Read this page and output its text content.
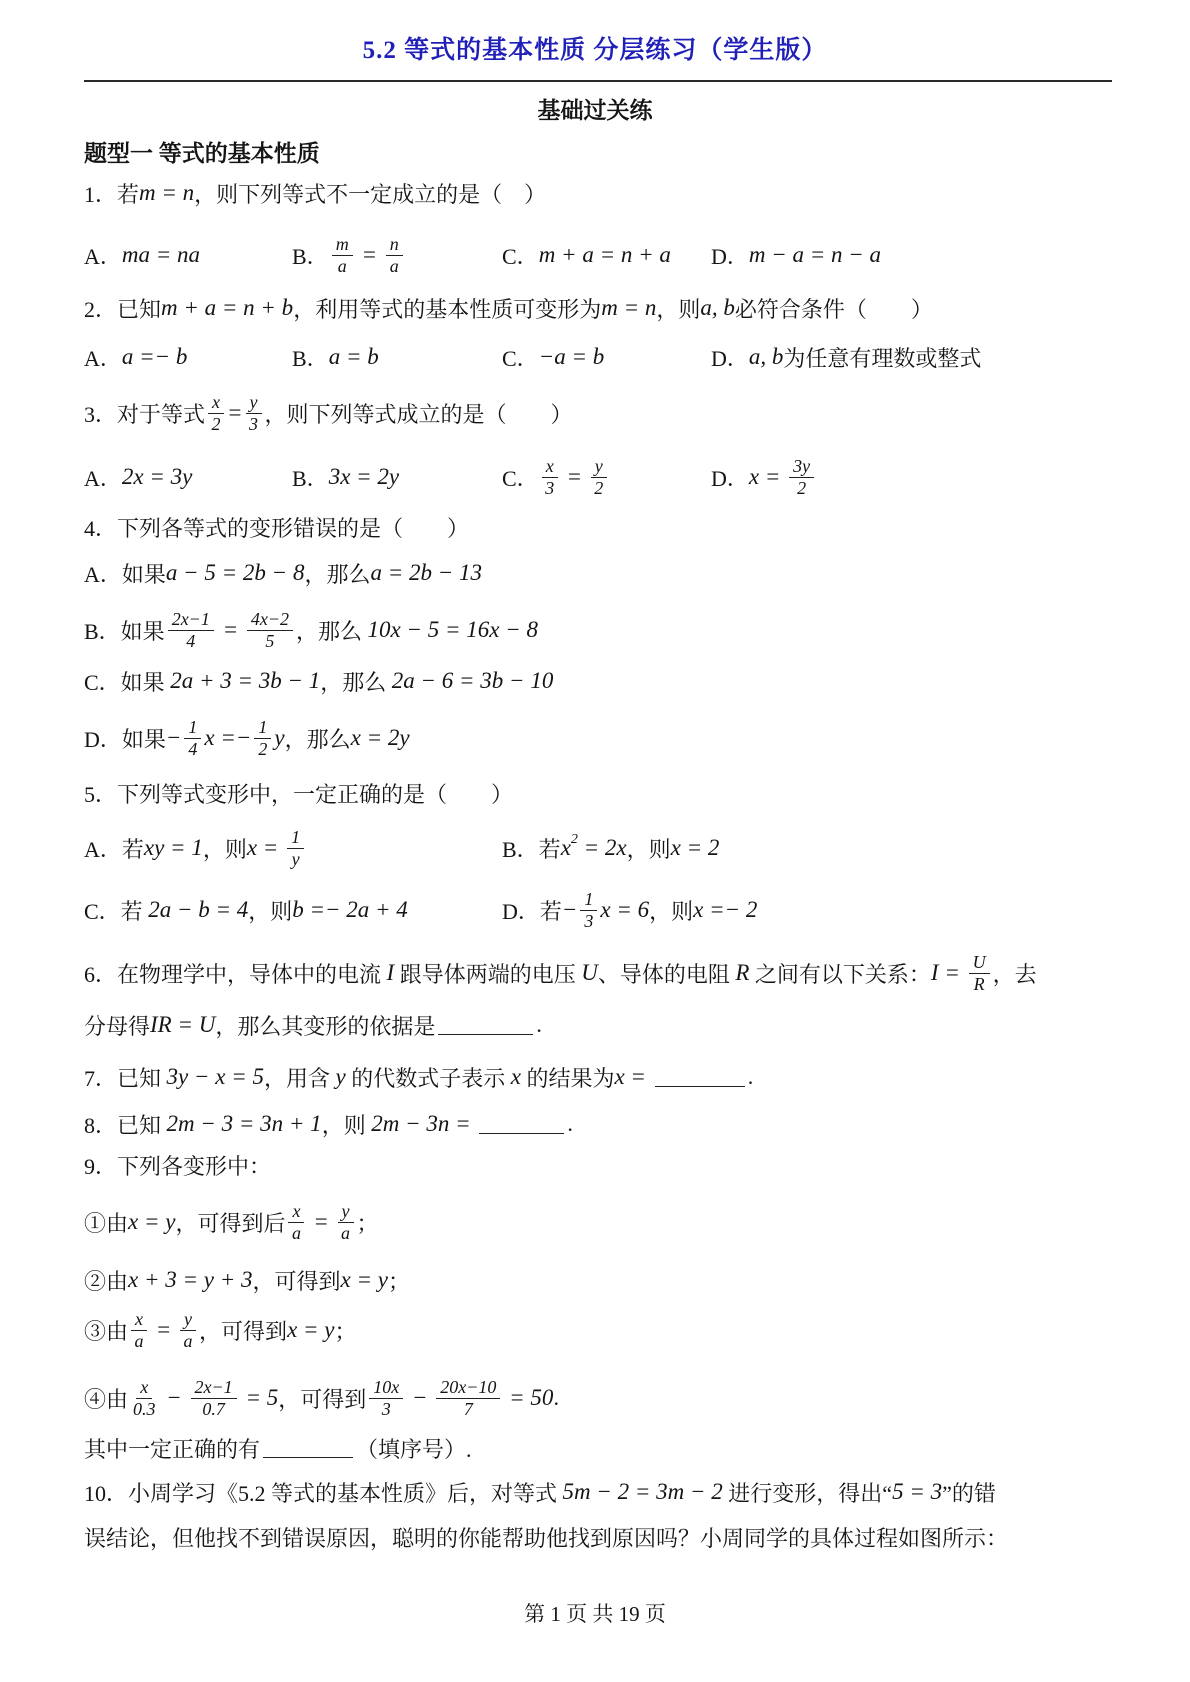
5.2 等式的基本性质 分层练习（学生版）
基础过关练
题型一 等式的基本性质
1．若 m = n ，则下列等式不一定成立的是（　）
A． ma = na	B． $\frac{m}{a} = \frac{n}{a}$	C． m + a = n + a D． m − a = n − a
2．已知 m + a = n + b ，利用等式的基本性质可变形为 m = n ，则 a, b 必符合条件（　　）
A． a =− b	B． a = b	C． −a = b	D． a, b 为任意有理数或整式
3．对于等式 $\frac{x}{2} = \frac{y}{3}$ ，则下列等式成立的是（　　）
A． 2x = 3y	B． 3x = 2y	C． $\frac{x}{3} = \frac{y}{2}$	D． $x = \frac{3y}{2}$
4．下列各等式的变形错误的是（　　）
A．如果 a − 5 = 2b − 8 ，那么 a = 2b − 13
B．如果 $\frac{2x-1}{4} = \frac{4x-2}{5}$ ，那么 10x − 5 = 16x − 8
C．如果 2a + 3 = 3b − 1 ，那么 2a − 6 = 3b − 10
D．如果 − $\frac{1}{4}$ $x =- \frac{1}{2}$ y ，那么 x = 2y
5．下列等式变形中，一定正确的是（　　）
A．若 xy = 1 ，则 $x = \frac{1}{y}$	B．若 x 2 = 2x ，则 x = 2
C．若 2a − b = 4 ，则 b =− 2a + 4	D．若 − $\frac{1}{3}$ x = 6 ，则 x =− 2
6．在物理学中，导体中的电流 I 跟导体两端的电压 U 、导体的电阻 R 之间有以下关系： $I = \frac{U}{R}$ ，去
分母得 IR = U ，那么其变形的依据是	.
7．已知 3y − x = 5 ，用含 y 的代数式子表示 x 的结果为 x =	.
8．已知 2m − 3 = 3n + 1 ，则 2m − 3n =	.
9．下列各变形中：
①由 x = y ，可得到后 $\frac{x}{a} = \frac{y}{a}$ ；
②由 x + 3 = y + 3 ，可得到 x = y ；
③由 $\frac{x}{a} = \frac{y}{a}$ ，可得到 x = y ；
④由 $\frac{x}{0.3} - \frac{2x-1}{0.7} = 5$ ，可得到 $\frac{10x}{3} - \frac{20x-10}{7} = 50$ .
其中一定正确的有	（填序号）.
10．小周学习《5.2 等式的基本性质》后，对等式 5m − 2 = 3m − 2 进行变形，得出“ 5 = 3 ”的错
误结论，但他找不到错误原因，聪明的你能帮助他找到原因吗？小周同学的具体过程如图所示：
第 1 页 共 19 页
